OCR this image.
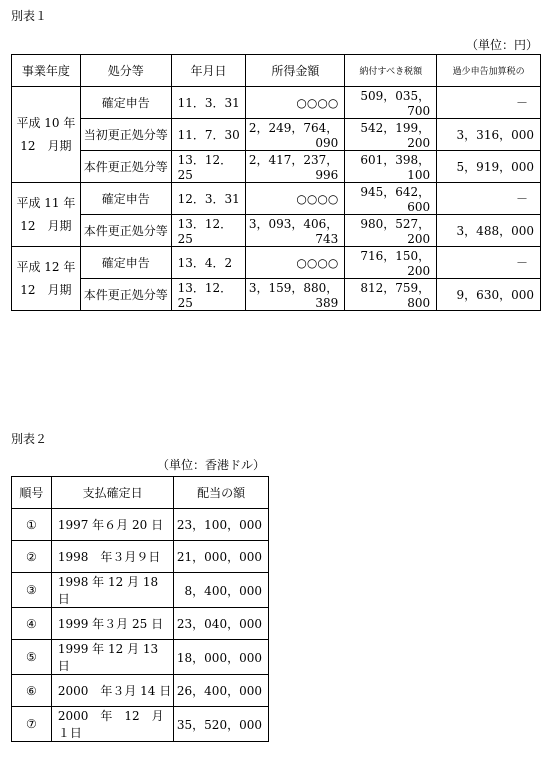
別表１
（単位：円）
事業年度	処分等	年月日	所得金額	納付すべき税額	過少申告加算税の

平成 10 年
12　月期	確定申告	11．3．31	○○○○	509，035，700	－
	当初更正処分等	11．7．30	2，249，764，090	542，199，200	3，316，000
	本件更正処分等	13．12．25	2，417，237，996	601，398，100	5，919，000

平成 11 年
12　月期	確定申告	12．3．31	○○○○	945，642，600	－
	本件更正処分等	13．12．25	3，093，406，743	980，527，200	3，488，000

平成 12 年
12　月期	確定申告	13．4．2	○○○○	716，150，200	－
	本件更正処分等	13．12．25	3，159，880，389	812，759，800	9，630，000
別表２
（単位：香港ドル）
順号	支払確定日	配当の額
①	1997 年６月 20 日	23，100，000
②	1998　年３月９日	21，000，000
③	1998 年 12 月 18 日	8，400，000
④	1999 年３月 25 日	23，040，000
⑤	1999 年 12 月 13 日	18，000，000
⑥	2000　年３月 14 日	26，400，000
⑦	2000　年　12　月１日	35，520，000
